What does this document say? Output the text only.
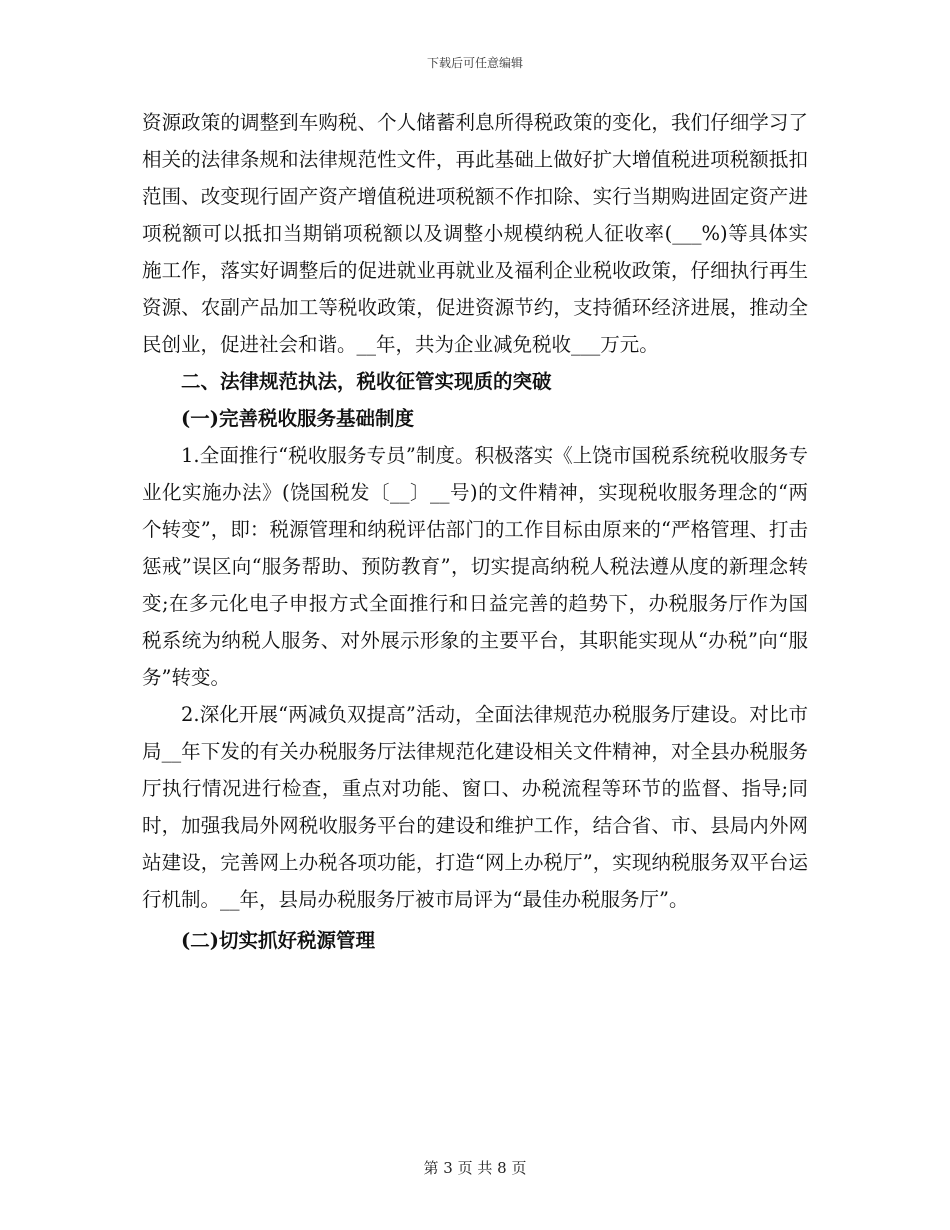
下载后可任意编辑

资源政策的调整到车购税、个人储蓄利息所得税政策的变化，我们仔细学习了相关的法律条规和法律规范性文件，再此基础上做好扩大增值税进项税额抵扣范围、改变现行固产资产增值税进项税额不作扣除、实行当期购进固定资产进项税额可以抵扣当期销项税额以及调整小规模纳税人征收率(___%)等具体实施工作，落实好调整后的促进就业再就业及福利企业税收政策，仔细执行再生资源、农副产品加工等税收政策，促进资源节约，支持循环经济进展，推动全民创业，促进社会和谐。__年，共为企业减免税收___万元。

二、法律规范执法，税收征管实现质的突破

(一)完善税收服务基础制度

1.全面推行“税收服务专员”制度。积极落实《上饶市国税系统税收服务专业化实施办法》(饶国税发〔__〕__号)的文件精神，实现税收服务理念的“两个转变”，即：税源管理和纳税评估部门的工作目标由原来的“严格管理、打击惩戒”误区向“服务帮助、预防教育”，切实提高纳税人税法遵从度的新理念转变;在多元化电子申报方式全面推行和日益完善的趋势下，办税服务厅作为国税系统为纳税人服务、对外展示形象的主要平台，其职能实现从“办税”向“服务”转变。

2.深化开展“两减负双提高”活动，全面法律规范办税服务厅建设。对比市局__年下发的有关办税服务厅法律规范化建设相关文件精神，对全县办税服务厅执行情况进行检查，重点对功能、窗口、办税流程等环节的监督、指导;同时，加强我局外网税收服务平台的建设和维护工作，结合省、市、县局内外网站建设，完善网上办税各项功能，打造“网上办税厅”，实现纳税服务双平台运行机制。__年，县局办税服务厅被市局评为“最佳办税服务厅”。

(二)切实抓好税源管理

第 3 页 共 8 页
